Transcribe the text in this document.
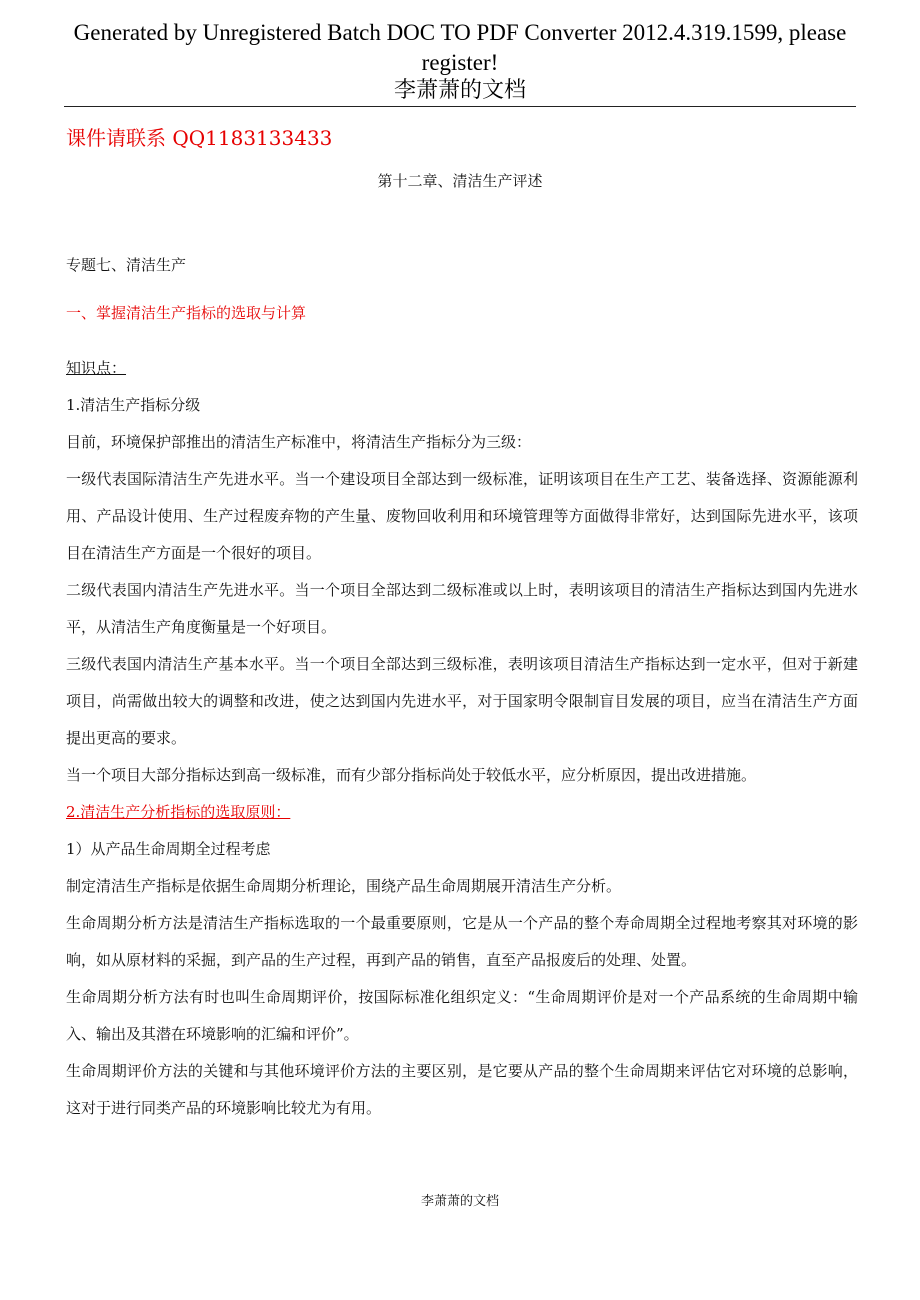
Generated by Unregistered Batch DOC TO PDF Converter 2012.4.319.1599, please
register!
李萧萧的文档
课件请联系 QQ1183133433
第十二章、清洁生产评述
专题七、清洁生产
一、掌握清洁生产指标的选取与计算

知识点：

1.清洁生产指标分级

目前，环境保护部推出的清洁生产标准中，将清洁生产指标分为三级：

一级代表国际清洁生产先进水平。当一个建设项目全部达到一级标准，证明该项目在生产工艺、装备选择、资源能源利用、产品设计使用、生产过程废弃物的产生量、废物回收利用和环境管理等方面做得非常好，达到国际先进水平，该项目在清洁生产方面是一个很好的项目。

二级代表国内清洁生产先进水平。当一个项目全部达到二级标准或以上时，表明该项目的清洁生产指标达到国内先进水平，从清洁生产角度衡量是一个好项目。

三级代表国内清洁生产基本水平。当一个项目全部达到三级标准，表明该项目清洁生产指标达到一定水平，但对于新建项目，尚需做出较大的调整和改进，使之达到国内先进水平，对于国家明令限制盲目发展的项目，应当在清洁生产方面提出更高的要求。

当一个项目大部分指标达到高一级标准，而有少部分指标尚处于较低水平，应分析原因，提出改进措施。

2.清洁生产分析指标的选取原则：

1）从产品生命周期全过程考虑

制定清洁生产指标是依据生命周期分析理论，围绕产品生命周期展开清洁生产分析。

生命周期分析方法是清洁生产指标选取的一个最重要原则，它是从一个产品的整个寿命周期全过程地考察其对环境的影响，如从原材料的采掘，到产品的生产过程，再到产品的销售，直至产品报废后的处理、处置。

生命周期分析方法有时也叫生命周期评价，按国际标准化组织定义：“生命周期评价是对一个产品系统的生命周期中输入、输出及其潜在环境影响的汇编和评价”。

生命周期评价方法的关键和与其他环境评价方法的主要区别，是它要从产品的整个生命周期来评估它对环境的总影响，这对于进行同类产品的环境影响比较尤为有用。

李萧萧的文档
